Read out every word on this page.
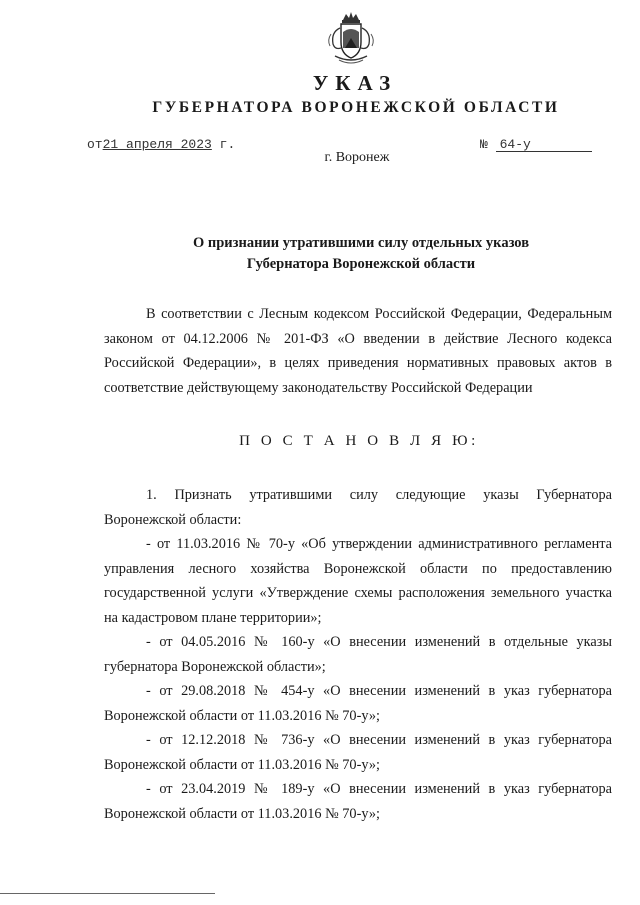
УКАЗ
ГУБЕРНАТОРА ВОРОНЕЖСКОЙ ОБЛАСТИ
от21 апреля 2023 г.	№ 64-у
г. Воронеж
О признании утратившими силу отдельных указов
Губернатора Воронежской области
В соответствии с Лесным кодексом Российской Федерации, Федеральным законом от 04.12.2006 № 201-ФЗ «О введении в действие Лесного кодекса Российской Федерации», в целях приведения нормативных правовых актов в соответствие действующему законодательству Российской Федерации
П О С Т А Н О В Л Я Ю:

1. Признать утратившими силу следующие указы Губернатора Воронежской области:

- от 11.03.2016 № 70-у «Об утверждении административного регламента управления лесного хозяйства Воронежской области по предоставлению государственной услуги «Утверждение схемы расположения земельного участка на кадастровом плане территории»;

- от 04.05.2016 № 160-у «О внесении изменений в отдельные указы губернатора Воронежской области»;

- от 29.08.2018 № 454-у «О внесении изменений в указ губернатора Воронежской области от 11.03.2016 № 70-у»;

- от 12.12.2018 № 736-у «О внесении изменений в указ губернатора Воронежской области от 11.03.2016 № 70-у»;

- от 23.04.2019 № 189-у «О внесении изменений в указ губернатора Воронежской области от 11.03.2016 № 70-у»;
